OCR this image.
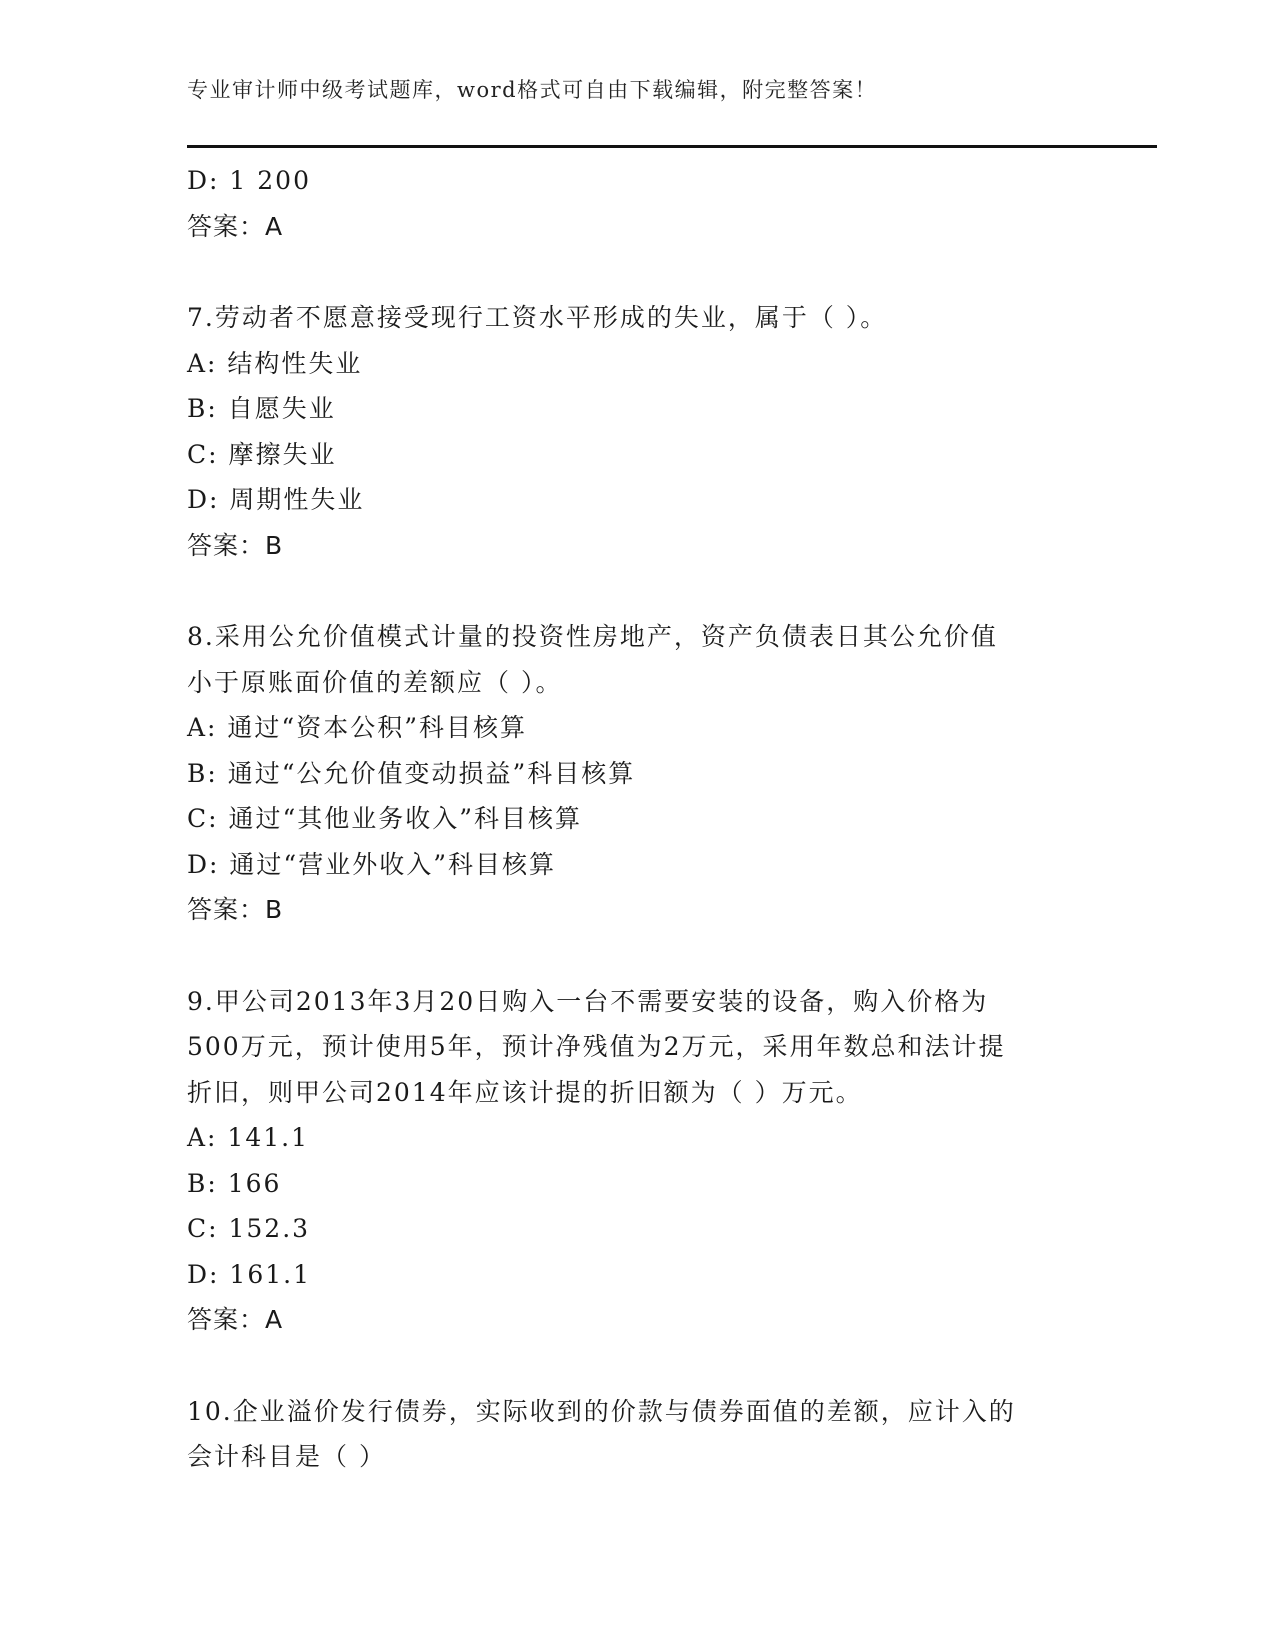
专业审计师中级考试题库，word格式可自由下载编辑，附完整答案！
D: 1 200
答案：A
7.劳动者不愿意接受现行工资水平形成的失业，属于（ ）。
A: 结构性失业
B: 自愿失业
C: 摩擦失业
D: 周期性失业
答案：B
8.采用公允价值模式计量的投资性房地产，资产负债表日其公允价值
小于原账面价值的差额应（ ）。
A: 通过“资本公积”科目核算
B: 通过“公允价值变动损益”科目核算
C: 通过“其他业务收入”科目核算
D: 通过“营业外收入”科目核算
答案：B
9.甲公司2013年3月20日购入一台不需要安装的设备，购入价格为
500万元，预计使用5年，预计净残值为2万元，采用年数总和法计提
折旧，则甲公司2014年应该计提的折旧额为（ ）万元。
A: 141.1
B: 166
C: 152.3
D: 161.1
答案：A
10.企业溢价发行债券，实际收到的价款与债券面值的差额，应计入的
会计科目是（ ）
